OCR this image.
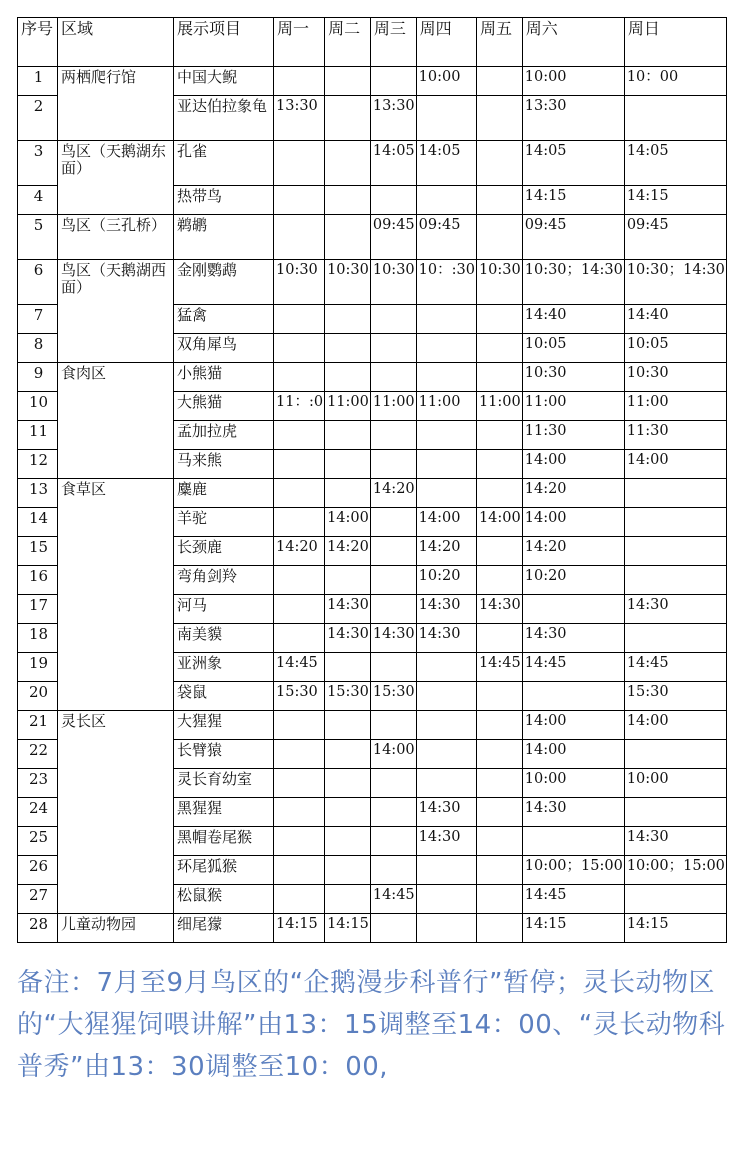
序号	区域	展示项目	周一	周二	周三	周四	周五	周六	周日
1	两栖爬行馆	中国大鲵				10:00		10:00	10：00
2		亚达伯拉象龟	13:30		13:30			13:30	
3	鸟区（天鹅湖东面）	孔雀			14:05	14:05		14:05	14:05
4		热带鸟						14:15	14:15
5	鸟区（三孔桥）	鹈鹕			09:45	09:45		09:45	09:45
6	鸟区（天鹅湖西面）	金刚鹦鹉	10:30	10:30	10:30	10：:30	10:30	10:30；14:30	10:30；14:30
7		猛禽						14:40	14:40
8		双角犀鸟						10:05	10:05
9	食肉区	小熊猫						10:30	10:30
10		大熊猫	11：:0	11:00	11:00	11:00	11:00	11:00	11:00
11		孟加拉虎						11:30	11:30
12		马来熊						14:00	14:00
13	食草区	麋鹿			14:20			14:20	
14		羊驼		14:00		14:00	14:00	14:00	
15		长颈鹿	14:20	14:20		14:20		14:20	
16		弯角剑羚				10:20		10:20	
17		河马		14:30		14:30	14:30		14:30
18		南美貘		14:30	14:30	14:30		14:30	
19		亚洲象	14:45				14:45	14:45	14:45
20		袋鼠	15:30	15:30	15:30				15:30
21	灵长区	大猩猩						14:00	14:00
22		长臂猿			14:00			14:00	
23		灵长育幼室						10:00	10:00
24		黑猩猩				14:30		14:30	
25		黑帽卷尾猴				14:30			14:30
26		环尾狐猴						10:00；15:00	10:00；15:00
27		松鼠猴			14:45			14:45	
28	儿童动物园	细尾獴	14:15	14:15				14:15	14:15
备注：7月至9月鸟区的“企鹅漫步科普行”暂停；灵长动物区的“大猩猩饲喂讲解”由13：15调整至14：00、“灵长动物科普秀”由13：30调整至10：00,
